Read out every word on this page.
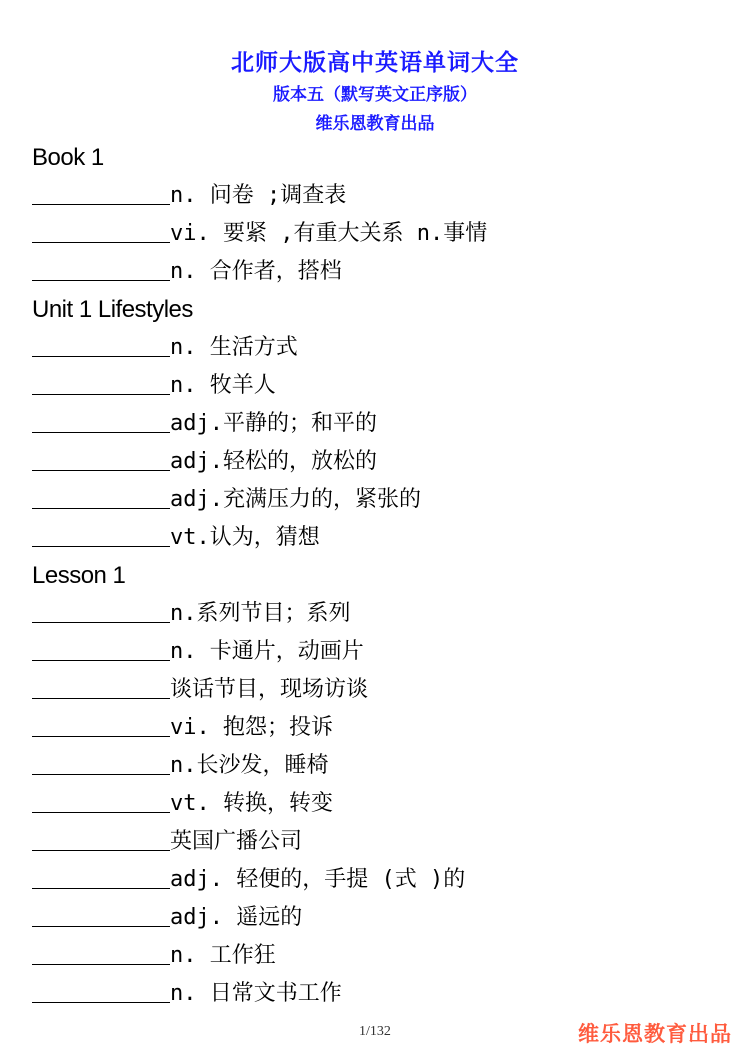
北师大版高中英语单词大全
版本五（默写英文正序版）
维乐恩教育出品
Book 1
n. 问卷 ;调查表
vi. 要紧 ,有重大关系 n.事情
n. 合作者，搭档
Unit 1 Lifestyles
n. 生活方式
n. 牧羊人
adj.平静的；和平的
adj.轻松的，放松的
adj.充满压力的，紧张的
vt.认为，猜想
Lesson 1
n.系列节目；系列
n. 卡通片，动画片
谈话节目，现场访谈
vi. 抱怨；投诉
n.长沙发，睡椅
vt. 转换，转变
英国广播公司
adj. 轻便的，手提 (式 )的
adj. 遥远的
n. 工作狂
n. 日常文书工作
1/132	维乐恩教育出品
